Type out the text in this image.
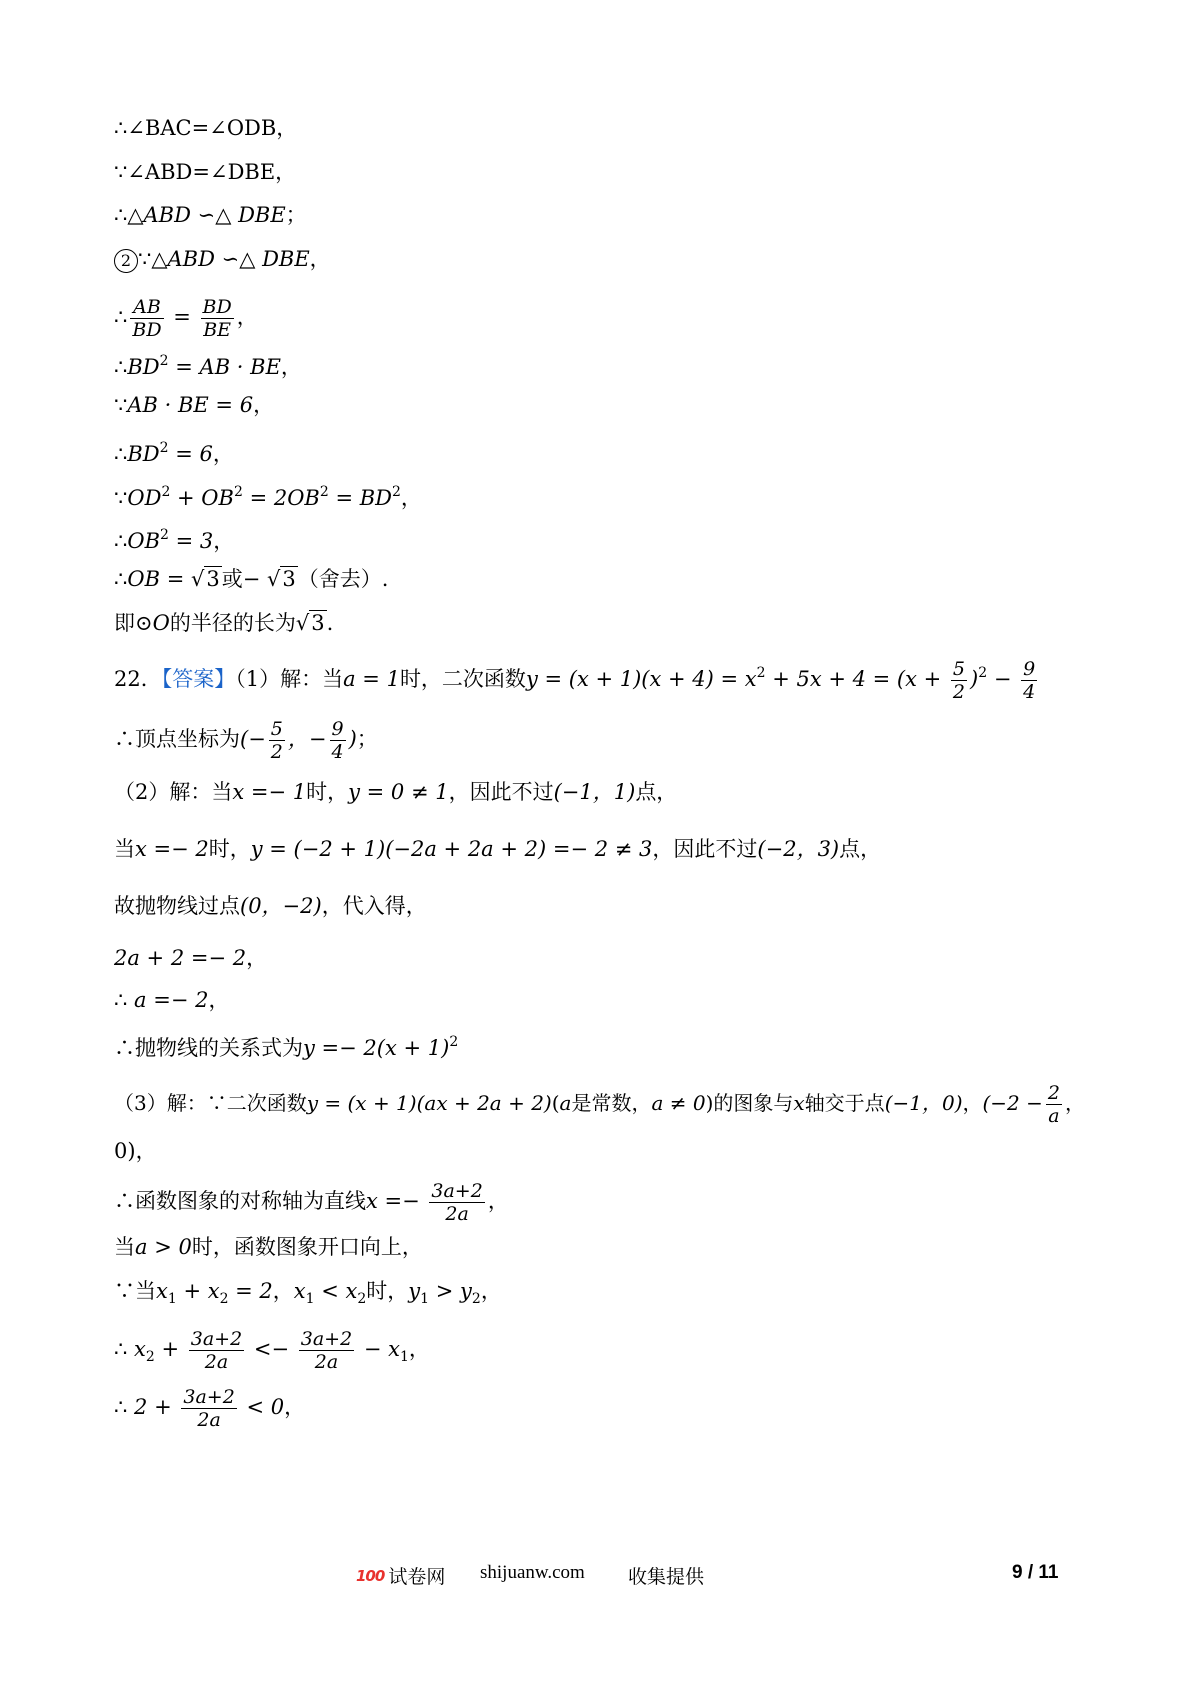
∴∠BAC=∠ODB，
∵∠ABD=∠DBE，
∴△ABD ∽△ DBE；
2 ∵△ABD ∽△ DBE，
∴ $\frac{AB}{BD} = \frac{BD}{BE}$ ，
$\therefore BD^2$ = AB · BE，
∵AB · BE = 6，
$\therefore BD^2 = 6$，
$\because OD^2 + OB^2 = 2OB^2 = BD^2$，
$\therefore OB^2 = 3$，
∴OB = √3或− √3（舍去）.
即⊙O的半径的长为√3.
22．【答案】（1）解：当a = 1时，二次函数$y = (x + 1)(x + 4) = x^2 + 5x + 4 = (x + \frac{5}{2} )^2 - \frac{9}{4}$
∴顶点坐标为(− $\frac{5}{2}$ ，− $\frac{9}{4}$ )；
（2）解：当x =− 1时，y = 0 ≠ 1，因此不过(−1，1)点，
当x =− 2时，y = (−2 + 1)(−2a + 2a + 2) =− 2 ≠ 3，因此不过(−2，3)点，
故抛物线过点(0，−2)，代入得，
2a + 2 =− 2，
∴ a =− 2，
∴抛物线的关系式为$y =- 2(x + 1)^2$
（3）解：∵二次函数y = (x + 1)(ax + 2a + 2)(a是常数，a ≠ 0)的图象与x轴交于点(−1，0)，($-2 - \frac{2}{a}$ ，
0)，
∴函数图象的对称轴为直线$x =- \frac{3a+2}{2a}$ ，
当a > 0时，函数图象开口向上，
∵当$x_1 + x_2 = 2$，$x_1 < x_2$时，$y_1 > y_2$，
∴ $x_2 + \frac{3a+2}{2a} <- \frac{3a+2}{2a} - x_1$，
∴ $2 + \frac{3a+2}{2a} < 0$，
100 试卷网 shijuanw.com 收集提供	9 / 11
